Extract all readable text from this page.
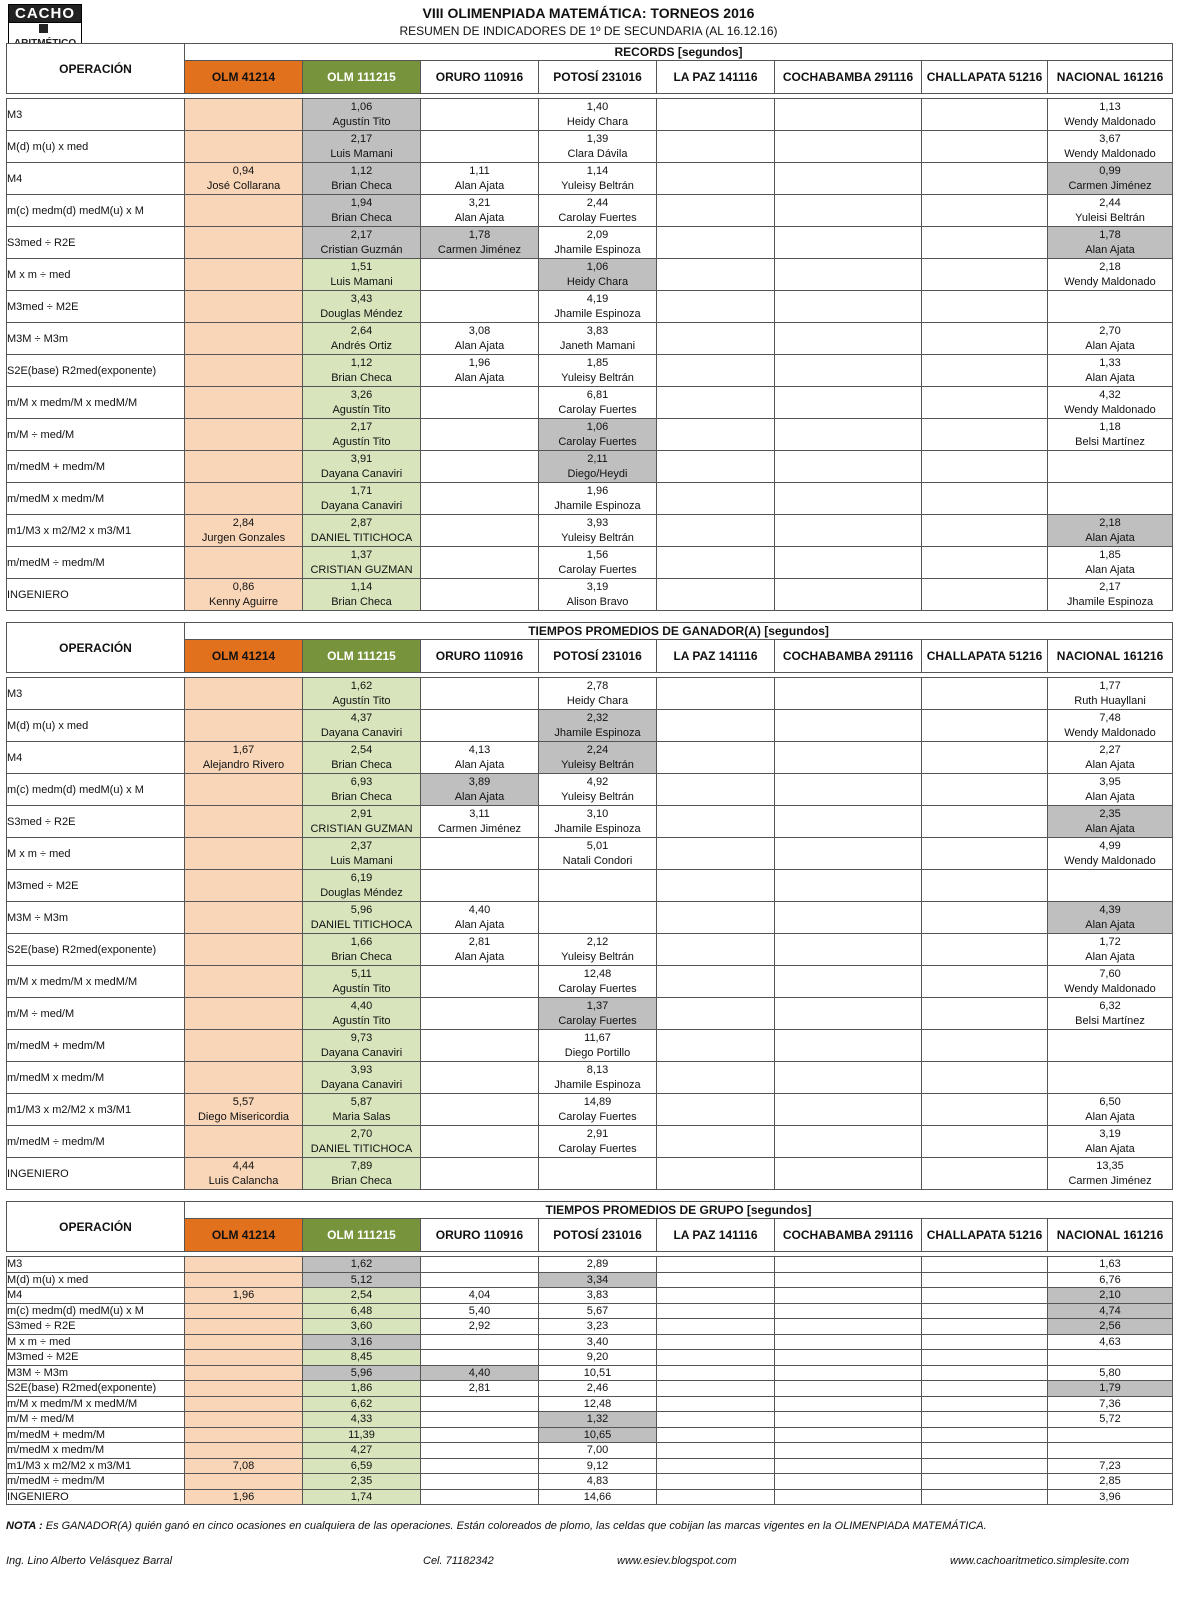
CACHO	VIII OLIMENPIADA MATEMÁTICA: TORNEOS 2016
RESUMEN DE INDICADORES DE 1º DE SECUNDARIA (AL 16.12.16)
OPERACIÓN	RECORDS [segundos]							
	OLM 41214	OLM 111215	ORURO 110916	POTOSÍ 231016	LA PAZ 141116	COCHABAMBA 291116	CHALLAPATA 51216	NACIONAL 161216

M3		1,06		1,40				1,13
		Agustín Tito		Heidy Chara				Wendy Maldonado
M(d) m(u) x med		2,17		1,39				3,67
		Luis Mamani		Clara Dávila				Wendy Maldonado
M4	0,94	1,12	1,11	1,14				0,99
	José Collarana	Brian Checa	Alan Ajata	Yuleisy Beltrán				Carmen Jiménez
m(c) medm(d) medM(u) x M		1,94	3,21	2,44				2,44
		Brian Checa	Alan Ajata	Carolay Fuertes				Yuleisi Beltrán
S3med ÷ R2E		2,17	1,78	2,09				1,78
		Cristian Guzmán	Carmen Jiménez	Jhamile Espinoza				Alan Ajata
M x m ÷ med		1,51		1,06				2,18
		Luis Mamani		Heidy Chara				Wendy Maldonado
M3med ÷ M2E		3,43		4,19				
		Douglas Méndez		Jhamile Espinoza				
M3M ÷ M3m		2,64	3,08	3,83				2,70
		Andrés Ortiz	Alan Ajata	Janeth Mamani				Alan Ajata
S2E(base) R2med(exponente)		1,12	1,96	1,85				1,33
		Brian Checa	Alan Ajata	Yuleisy Beltrán				Alan Ajata
m/M x medm/M x medM/M		3,26		6,81				4,32
		Agustín Tito		Carolay Fuertes				Wendy Maldonado
m/M ÷ med/M		2,17		1,06				1,18
		Agustín Tito		Carolay Fuertes				Belsi Martínez
m/medM + medm/M		3,91		2,11				
		Dayana Canaviri		Diego/Heydi				
m/medM x medm/M		1,71		1,96				
		Dayana Canaviri		Jhamile Espinoza				
m1/M3 x m2/M2 x m3/M1	2,84	2,87		3,93				2,18
	Jurgen Gonzales	DANIEL TITICHOCA		Yuleisy Beltrán				Alan Ajata
m/medM ÷ medm/M		1,37		1,56				1,85
		CRISTIAN GUZMAN		Carolay Fuertes				Alan Ajata
INGENIERO	0,86	1,14		3,19				2,17
	Kenny Aguirre	Brian Checa		Alison Bravo				Jhamile Espinoza
OPERACIÓN	TIEMPOS PROMEDIOS DE GANADOR(A) [segundos]							
	OLM 41214	OLM 111215	ORURO 110916	POTOSÍ 231016	LA PAZ 141116	COCHABAMBA 291116	CHALLAPATA 51216	NACIONAL 161216

M3		1,62		2,78				1,77
		Agustín Tito		Heidy Chara				Ruth Huayllani
M(d) m(u) x med		4,37		2,32				7,48
		Dayana Canaviri		Jhamile Espinoza				Wendy Maldonado
M4	1,67	2,54	4,13	2,24				2,27
	Alejandro Rivero	Brian Checa	Alan Ajata	Yuleisy Beltrán				Alan Ajata
m(c) medm(d) medM(u) x M		6,93	3,89	4,92				3,95
		Brian Checa	Alan Ajata	Yuleisy Beltrán				Alan Ajata
S3med ÷ R2E		2,91	3,11	3,10				2,35
		CRISTIAN GUZMAN	Carmen Jiménez	Jhamile Espinoza				Alan Ajata
M x m ÷ med		2,37		5,01				4,99
		Luis Mamani		Natali Condori				Wendy Maldonado
M3med ÷ M2E		6,19						
		Douglas Méndez						
M3M ÷ M3m		5,96	4,40					4,39
		DANIEL TITICHOCA	Alan Ajata					Alan Ajata
S2E(base) R2med(exponente)		1,66	2,81	2,12				1,72
		Brian Checa	Alan Ajata	Yuleisy Beltrán				Alan Ajata
m/M x medm/M x medM/M		5,11		12,48				7,60
		Agustín Tito		Carolay Fuertes				Wendy Maldonado
m/M ÷ med/M		4,40		1,37				6,32
		Agustín Tito		Carolay Fuertes				Belsi Martínez
m/medM + medm/M		9,73		11,67				
		Dayana Canaviri		Diego Portillo				
m/medM x medm/M		3,93		8,13				
		Dayana Canaviri		Jhamile Espinoza				
m1/M3 x m2/M2 x m3/M1	5,57	5,87		14,89				6,50
	Diego Misericordia	Maria Salas		Carolay Fuertes				Alan Ajata
m/medM ÷ medm/M		2,70		2,91				3,19
		DANIEL TITICHOCA		Carolay Fuertes				Alan Ajata
INGENIERO	4,44	7,89						13,35
	Luis Calancha	Brian Checa						Carmen Jiménez
OPERACIÓN	TIEMPOS PROMEDIOS DE GRUPO [segundos]							
	OLM 41214	OLM 111215	ORURO 110916	POTOSÍ 231016	LA PAZ 141116	COCHABAMBA 291116	CHALLAPATA 51216	NACIONAL 161216

M3		1,62		2,89				1,63
M(d) m(u) x med		5,12		3,34				6,76
M4	1,96	2,54	4,04	3,83				2,10
m(c) medm(d) medM(u) x M		6,48	5,40	5,67				4,74
S3med ÷ R2E		3,60	2,92	3,23				2,56
M x m ÷ med		3,16		3,40				4,63
M3med ÷ M2E		8,45		9,20				
M3M ÷ M3m		5,96	4,40	10,51				5,80
S2E(base) R2med(exponente)		1,86	2,81	2,46				1,79
m/M x medm/M x medM/M		6,62		12,48				7,36
m/M ÷ med/M		4,33		1,32				5,72
m/medM + medm/M		11,39		10,65				
m/medM x medm/M		4,27		7,00				
m1/M3 x m2/M2 x m3/M1	7,08	6,59		9,12				7,23
m/medM ÷ medm/M		2,35		4,83				2,85
INGENIERO	1,96	1,74		14,66				3,96
NOTA : Es GANADOR(A) quién ganó en cinco ocasiones en cualquiera de las operaciones. Están coloreados de plomo, las celdas que cobijan las marcas vigentes en la OLIMENPIADA MATEMÁTICA.
Ing. Lino Alberto Velásquez Barral	Cel. 71182342	www.esiev.blogspot.com	www.cachoaritmetico.simplesite.com
